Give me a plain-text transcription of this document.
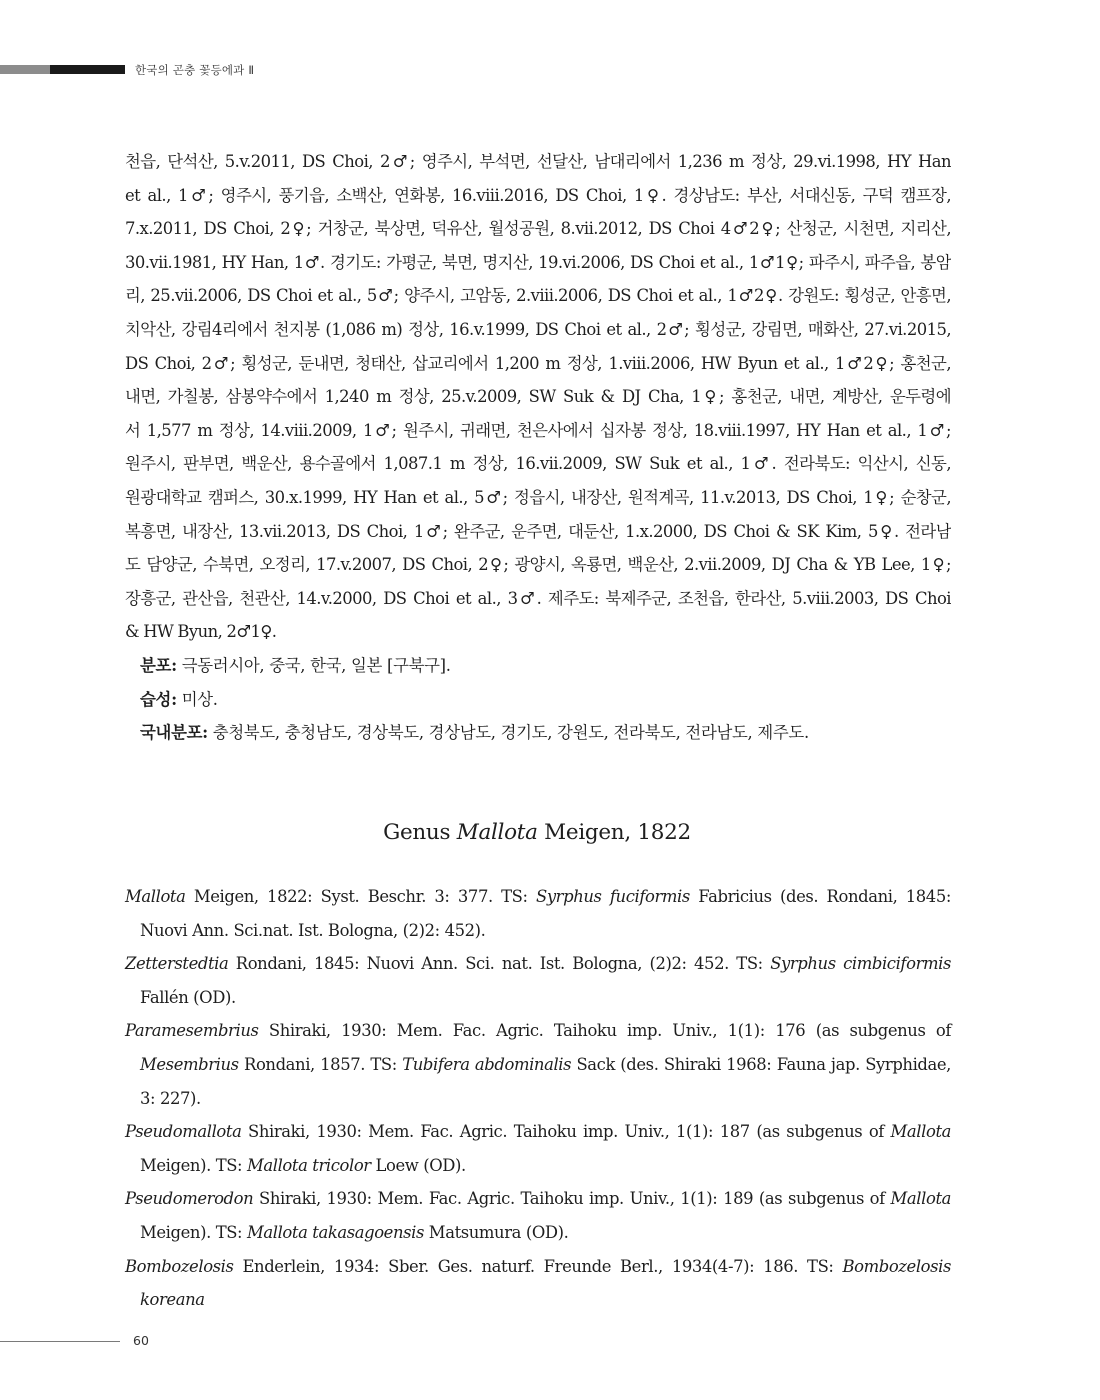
한국의 곤충 꽃등에과 Ⅱ
천읍, 단석산, 5.v.2011, DS Choi, 2♂; 영주시, 부석면, 선달산, 남대리에서 1,236 m 정상, 29.vi.1998, HY Han
et al., 1♂; 영주시, 풍기읍, 소백산, 연화봉, 16.viii.2016, DS Choi, 1♀. 경상남도: 부산, 서대신동, 구덕 캠프장,
7.x.2011, DS Choi, 2♀; 거창군, 북상면, 덕유산, 월성공원, 8.vii.2012, DS Choi 4♂2♀; 산청군, 시천면, 지리산,
30.vii.1981, HY Han, 1♂. 경기도: 가평군, 북면, 명지산, 19.vi.2006, DS Choi et al., 1♂1♀; 파주시, 파주읍, 봉암
리, 25.vii.2006, DS Choi et al., 5♂; 양주시, 고암동, 2.viii.2006, DS Choi et al., 1♂2♀. 강원도: 횡성군, 안흥면,
치악산, 강림4리에서 천지봉 (1,086 m) 정상, 16.v.1999, DS Choi et al., 2♂; 횡성군, 강림면, 매화산, 27.vi.2015,
DS Choi, 2♂; 횡성군, 둔내면, 청태산, 삽교리에서 1,200 m 정상, 1.viii.2006, HW Byun et al., 1♂2♀; 홍천군,
내면, 가칠봉, 삼봉약수에서 1,240 m 정상, 25.v.2009, SW Suk & DJ Cha, 1♀; 홍천군, 내면, 계방산, 운두령에
서 1,577 m 정상, 14.viii.2009, 1♂; 원주시, 귀래면, 천은사에서 십자봉 정상, 18.viii.1997, HY Han et al., 1♂;
원주시, 판부면, 백운산, 용수골에서 1,087.1 m 정상, 16.vii.2009, SW Suk et al., 1♂. 전라북도: 익산시, 신동,
원광대학교 캠퍼스, 30.x.1999, HY Han et al., 5♂; 정읍시, 내장산, 원적계곡, 11.v.2013, DS Choi, 1♀; 순창군,
복흥면, 내장산, 13.vii.2013, DS Choi, 1♂; 완주군, 운주면, 대둔산, 1.x.2000, DS Choi & SK Kim, 5♀. 전라남
도 담양군, 수북면, 오정리, 17.v.2007, DS Choi, 2♀; 광양시, 옥룡면, 백운산, 2.vii.2009, DJ Cha & YB Lee, 1♀;
장흥군, 관산읍, 천관산, 14.v.2000, DS Choi et al., 3♂. 제주도: 북제주군, 조천읍, 한라산, 5.viii.2003, DS Choi
& HW Byun, 2♂1♀.
분포: 극동러시아, 중국, 한국, 일본 [구북구].
습성: 미상.
국내분포: 충청북도, 충청남도, 경상북도, 경상남도, 경기도, 강원도, 전라북도, 전라남도, 제주도.
Genus Mallota Meigen, 1822

Mallota Meigen, 1822: Syst. Beschr. 3: 377. TS: Syrphus fuciformis Fabricius (des. Rondani, 1845: Nuovi Ann. Sci.nat. Ist. Bologna, (2)2: 452).

Zetterstedtia Rondani, 1845: Nuovi Ann. Sci. nat. Ist. Bologna, (2)2: 452. TS: Syrphus cimbiciformis Fallén (OD).

Paramesembrius Shiraki, 1930: Mem. Fac. Agric. Taihoku imp. Univ., 1(1): 176 (as subgenus of Mesembrius Rondani, 1857. TS: Tubifera abdominalis Sack (des. Shiraki 1968: Fauna jap. Syrphidae, 3: 227).

Pseudomallota Shiraki, 1930: Mem. Fac. Agric. Taihoku imp. Univ., 1(1): 187 (as subgenus of Mallota Meigen). TS: Mallota tricolor Loew (OD).

Pseudomerodon Shiraki, 1930: Mem. Fac. Agric. Taihoku imp. Univ., 1(1): 189 (as subgenus of Mallota Meigen). TS: Mallota takasagoensis Matsumura (OD).

Bombozelosis Enderlein, 1934: Sber. Ges. naturf. Freunde Berl., 1934(4-7): 186. TS: Bombozelosis koreana

60
